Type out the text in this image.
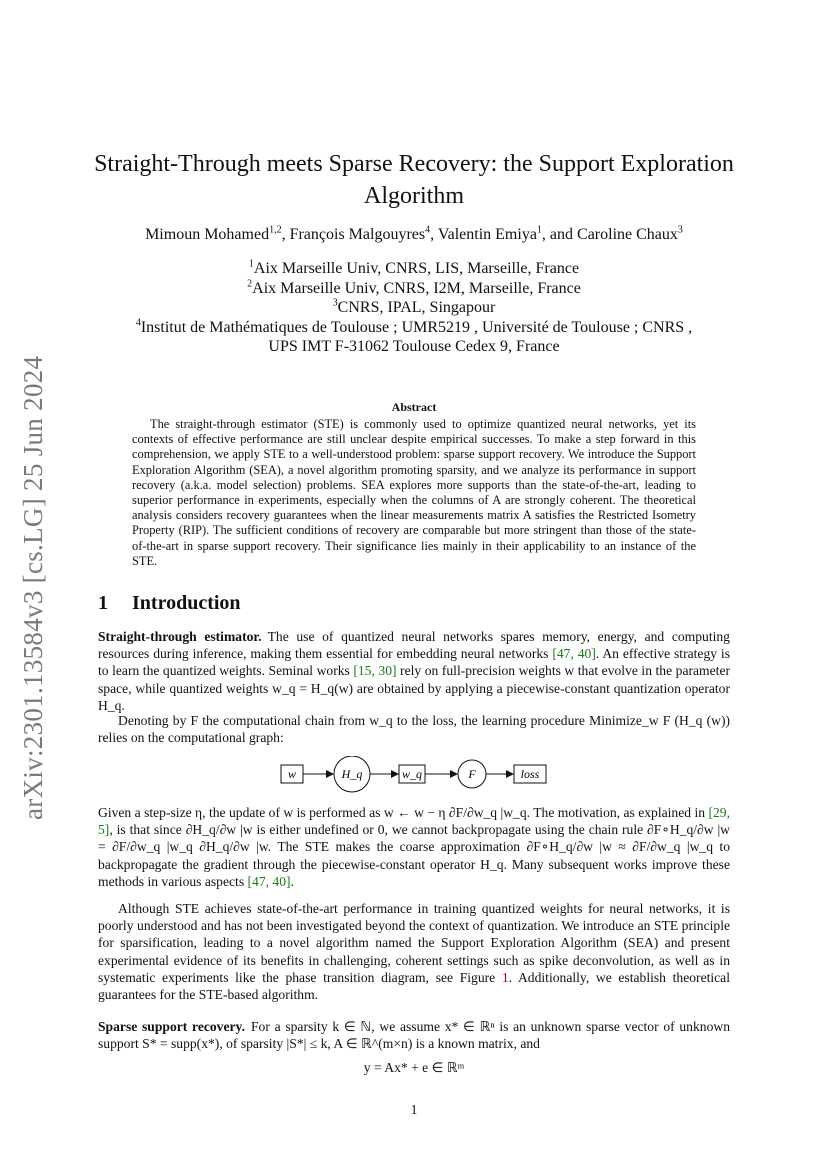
arXiv:2301.13584v3 [cs.LG] 25 Jun 2024
Straight-Through meets Sparse Recovery: the Support Exploration Algorithm
Mimoun Mohamed$^{1,2}$, François Malgouyres$^4$, Valentin Emiya$^1$, and Caroline Chaux$^3$
$^1$Aix Marseille Univ, CNRS, LIS, Marseille, France
$^2$Aix Marseille Univ, CNRS, I2M, Marseille, France
$^3$CNRS, IPAL, Singapour
$^4$Institut de Mathématiques de Toulouse ; UMR5219 , Université de Toulouse ; CNRS ,
UPS IMT F-31062 Toulouse Cedex 9, France
Abstract
The straight-through estimator (STE) is commonly used to optimize quantized neural networks, yet its contexts of effective performance are still unclear despite empirical successes. To make a step forward in this comprehension, we apply STE to a well-understood problem: sparse support recovery. We introduce the Support Exploration Algorithm (SEA), a novel algorithm promoting sparsity, and we analyze its performance in support recovery (a.k.a. model selection) problems. SEA explores more supports than the state-of-the-art, leading to superior performance in experiments, especially when the columns of A are strongly coherent. The theoretical analysis considers recovery guarantees when the linear measurements matrix A satisfies the Restricted Isometry Property (RIP). The sufficient conditions of recovery are comparable but more stringent than those of the state-of-the-art in sparse support recovery. Their significance lies mainly in their applicability to an instance of the STE.
1 Introduction
Straight-through estimator. The use of quantized neural networks spares memory, energy, and computing resources during inference, making them essential for embedding neural networks [47, 40]. An effective strategy is to learn the quantized weights. Seminal works [15, 30] rely on full-precision weights w that evolve in the parameter space, while quantized weights w_q = H_q(w) are obtained by applying a piecewise-constant quantization operator H_q.
Denoting by F the computational chain from w_q to the loss, the learning procedure Minimize_w F (H_q (w)) relies on the computational graph:
w	H_q	w_q	F	loss
Given a step-size η, the update of w is performed as w ← w − η ∂F/∂w_q |w_q. The motivation, as explained in [29, 5], is that since ∂H_q/∂w |w is either undefined or 0, we cannot backpropagate using the chain rule ∂F∘H_q/∂w |w = ∂F/∂w_q |w_q ∂H_q/∂w |w. The STE makes the coarse approximation ∂F∘H_q/∂w |w ≈ ∂F/∂w_q |w_q to backpropagate the gradient through the piecewise-constant operator H_q. Many subsequent works improve these methods in various aspects [47, 40].
Although STE achieves state-of-the-art performance in training quantized weights for neural networks, it is poorly understood and has not been investigated beyond the context of quantization. We introduce an STE principle for sparsification, leading to a novel algorithm named the Support Exploration Algorithm (SEA) and present experimental evidence of its benefits in challenging, coherent settings such as spike deconvolution, as well as in systematic experiments like the phase transition diagram, see Figure 1. Additionally, we establish theoretical guarantees for the STE-based algorithm.
Sparse support recovery. For a sparsity k ∈ ℕ, we assume x* ∈ ℝⁿ is an unknown sparse vector of unknown support S* = supp(x*), of sparsity |S*| ≤ k, A ∈ ℝ^(m×n) is a known matrix, and
y = Ax* + e ∈ ℝᵐ
1
